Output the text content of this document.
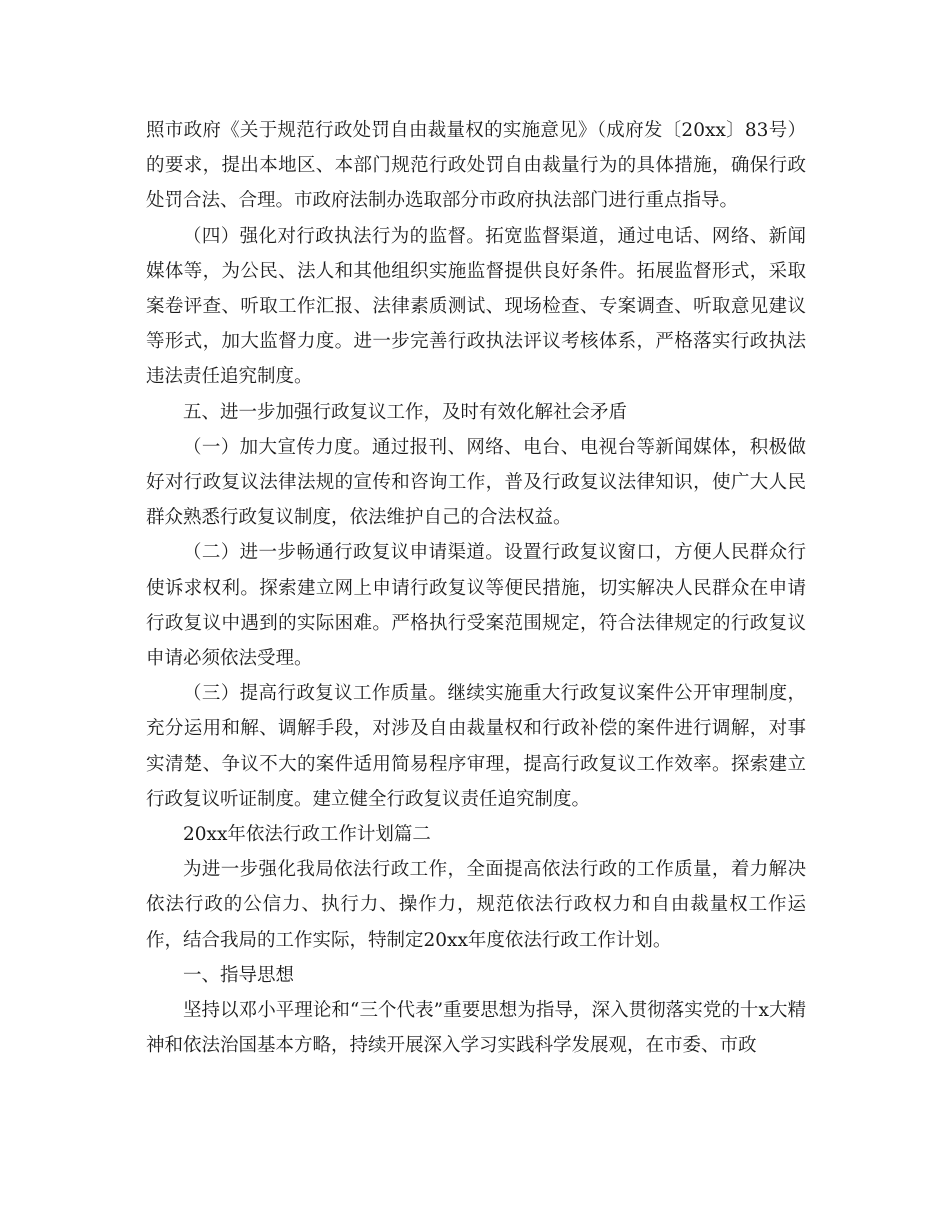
照市政府《关于规范行政处罚自由裁量权的实施意见》（成府发〔20xx〕83号）的要求，提出本地区、本部门规范行政处罚自由裁量行为的具体措施，确保行政处罚合法、合理。市政府法制办选取部分市政府执法部门进行重点指导。

（四）强化对行政执法行为的监督。拓宽监督渠道，通过电话、网络、新闻媒体等，为公民、法人和其他组织实施监督提供良好条件。拓展监督形式，采取案卷评查、听取工作汇报、法律素质测试、现场检查、专案调查、听取意见建议等形式，加大监督力度。进一步完善行政执法评议考核体系，严格落实行政执法违法责任追究制度。

五、进一步加强行政复议工作，及时有效化解社会矛盾

（一）加大宣传力度。通过报刊、网络、电台、电视台等新闻媒体，积极做好对行政复议法律法规的宣传和咨询工作，普及行政复议法律知识，使广大人民群众熟悉行政复议制度，依法维护自己的合法权益。

（二）进一步畅通行政复议申请渠道。设置行政复议窗口，方便人民群众行使诉求权利。探索建立网上申请行政复议等便民措施，切实解决人民群众在申请行政复议中遇到的实际困难。严格执行受案范围规定，符合法律规定的行政复议申请必须依法受理。

（三）提高行政复议工作质量。继续实施重大行政复议案件公开审理制度，充分运用和解、调解手段，对涉及自由裁量权和行政补偿的案件进行调解，对事实清楚、争议不大的案件适用简易程序审理，提高行政复议工作效率。探索建立行政复议听证制度。建立健全行政复议责任追究制度。

20xx年依法行政工作计划篇二

为进一步强化我局依法行政工作，全面提高依法行政的工作质量，着力解决依法行政的公信力、执行力、操作力，规范依法行政权力和自由裁量权工作运作，结合我局的工作实际，特制定20xx年度依法行政工作计划。

一、指导思想

坚持以邓小平理论和“三个代表”重要思想为指导，深入贯彻落实党的十x大精神和依法治国基本方略，持续开展深入学习实践科学发展观，在市委、市政
